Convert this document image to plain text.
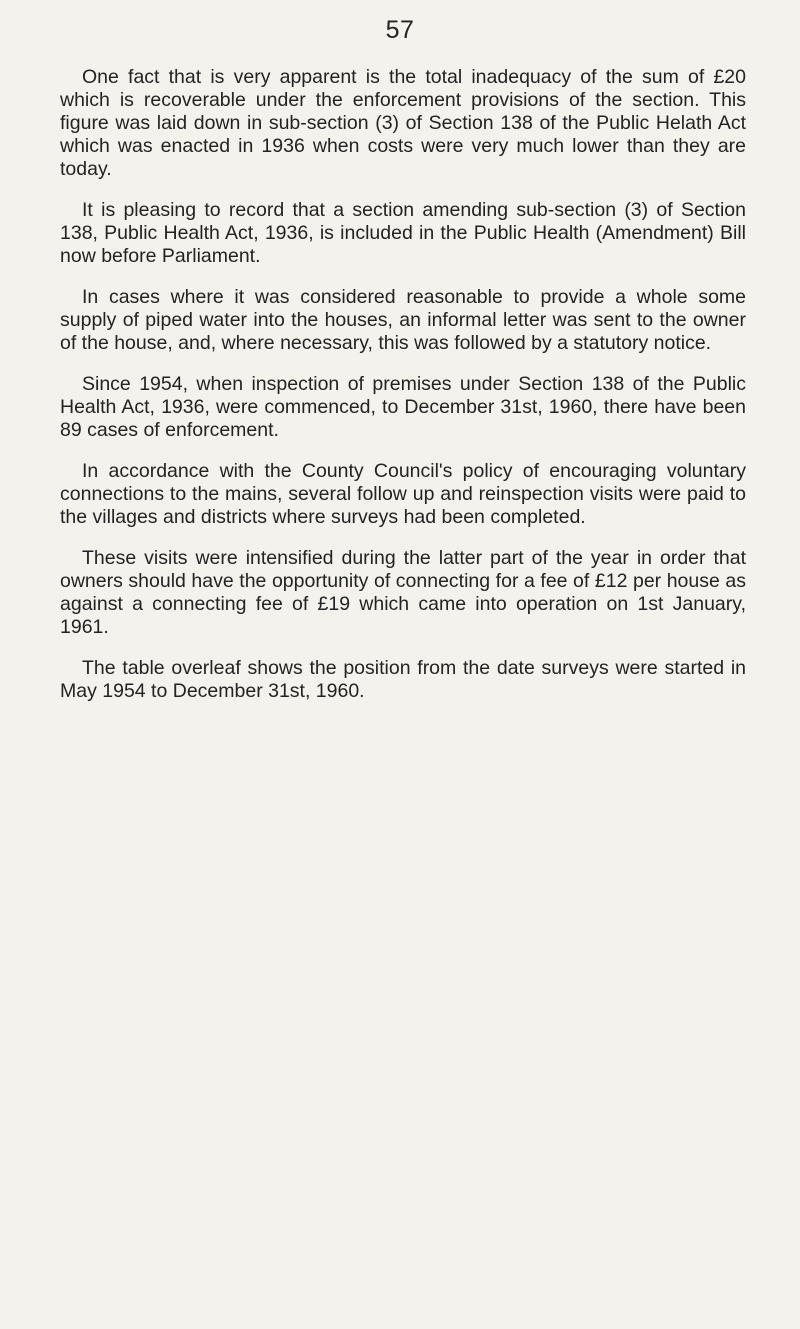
57

One fact that is very apparent is the total inadequacy of the sum of £20 which is recoverable under the enforcement provisions of the section. This figure was laid down in sub-section (3) of Section 138 of the Public Helath Act which was enacted in 1936 when costs were very much lower than they are today.

It is pleasing to record that a section amending sub-section (3) of Section 138, Public Health Act, 1936, is included in the Public Health (Amendment) Bill now before Parliament.

In cases where it was considered reasonable to provide a whole some supply of piped water into the houses, an informal letter was sent to the owner of the house, and, where necessary, this was followed by a statutory notice.

Since 1954, when inspection of premises under Section 138 of the Public Health Act, 1936, were commenced, to December 31st, 1960, there have been 89 cases of enforcement.

In accordance with the County Council's policy of encouraging voluntary connections to the mains, several follow up and reinspection visits were paid to the villages and districts where surveys had been completed.

These visits were intensified during the latter part of the year in order that owners should have the opportunity of connecting for a fee of £12 per house as against a connecting fee of £19 which came into operation on 1st January, 1961.

The table overleaf shows the position from the date surveys were started in May 1954 to December 31st, 1960.
